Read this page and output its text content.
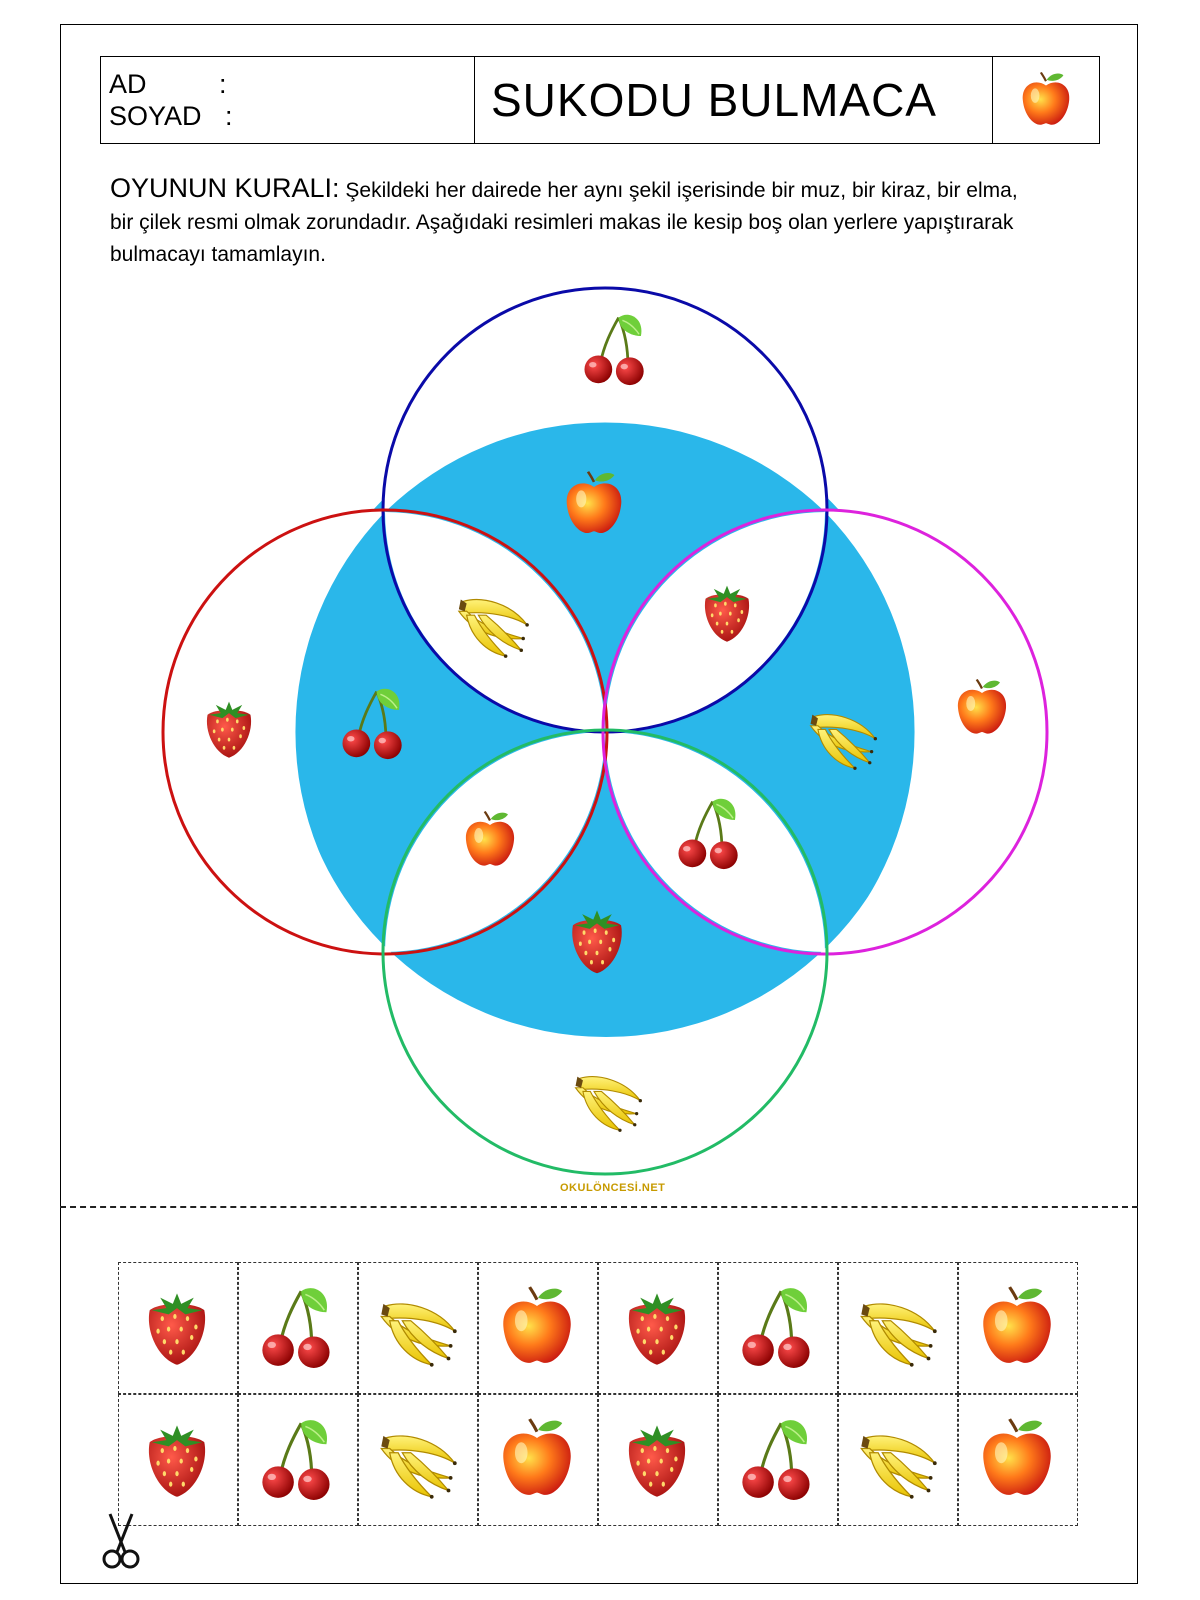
AD	:
SOYAD :	SUKODU BULMACA
OYUNUN KURALI: Şekildeki her dairede her aynı şekil işerisinde bir muz, bir kiraz, bir elma, bir çilek resmi olmak zorundadır. Aşağıdaki resimleri makas ile kesip boş olan yerlere yapıştırarak bulmacayı tamamlayın.
OKULÖNCESİ.NET
